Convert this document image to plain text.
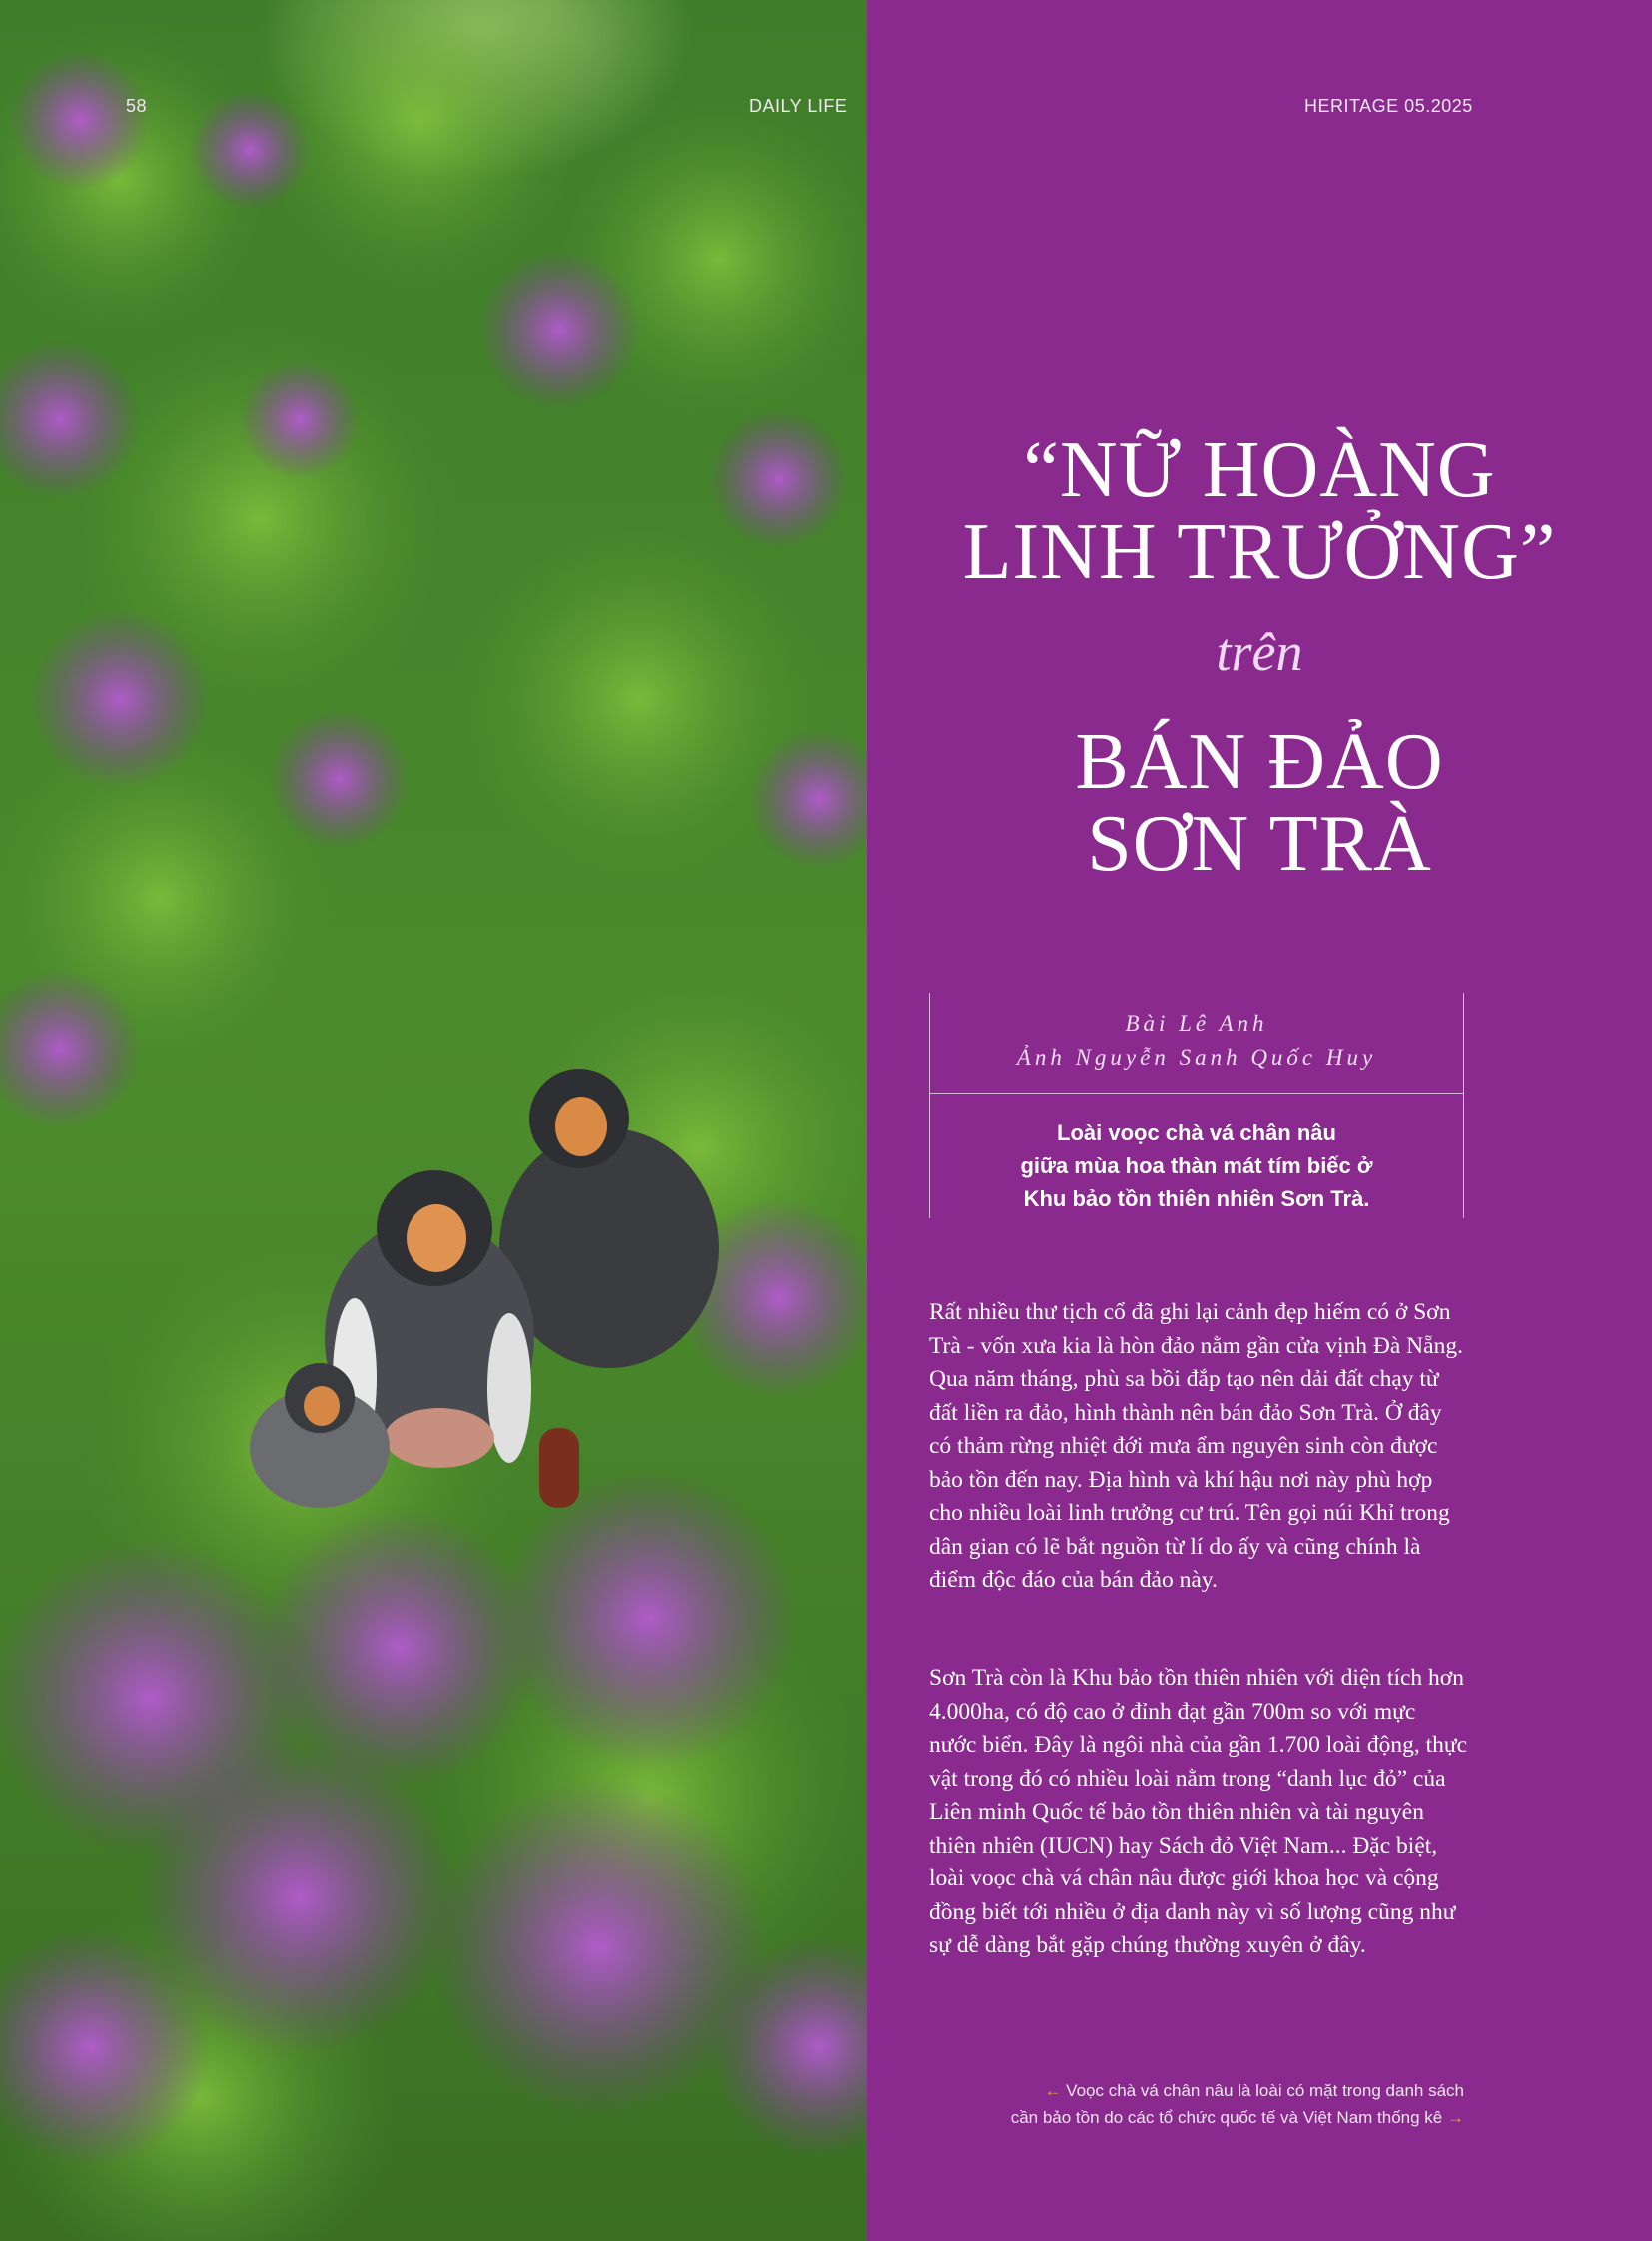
58	DAILY LIFE	HERITAGE 05.2025
“NỮ HOÀNG
LINH TRƯỞNG”
trên
BÁN ĐẢO
SƠN TRÀ
Bài Lê Anh
Ảnh Nguyễn Sanh Quốc Huy
Loài voọc chà vá chân nâu
giữa mùa hoa thàn mát tím biếc ở
Khu bảo tồn thiên nhiên Sơn Trà.
Rất nhiều thư tịch cổ đã ghi lại cảnh đẹp hiếm có ở Sơn Trà - vốn xưa kia là hòn đảo nằm gần cửa vịnh Đà Nẵng. Qua năm tháng, phù sa bồi đắp tạo nên dải đất chạy từ đất liền ra đảo, hình thành nên bán đảo Sơn Trà. Ở đây có thảm rừng nhiệt đới mưa ẩm nguyên sinh còn được bảo tồn đến nay. Địa hình và khí hậu nơi này phù hợp cho nhiều loài linh trưởng cư trú. Tên gọi núi Khỉ trong dân gian có lẽ bắt nguồn từ lí do ấy và cũng chính là điểm độc đáo của bán đảo này.
Sơn Trà còn là Khu bảo tồn thiên nhiên với diện tích hơn 4.000ha, có độ cao ở đỉnh đạt gần 700m so với mực nước biển. Đây là ngôi nhà của gần 1.700 loài động, thực vật trong đó có nhiều loài nằm trong “danh lục đỏ” của Liên minh Quốc tế bảo tồn thiên nhiên và tài nguyên thiên nhiên (IUCN) hay Sách đỏ Việt Nam... Đặc biệt, loài voọc chà vá chân nâu được giới khoa học và cộng đồng biết tới nhiều ở địa danh này vì số lượng cũng như sự dễ dàng bắt gặp chúng thường xuyên ở đây.
← Voọc chà vá chân nâu là loài có mặt trong danh sách
cần bảo tồn do các tổ chức quốc tế và Việt Nam thống kê →
